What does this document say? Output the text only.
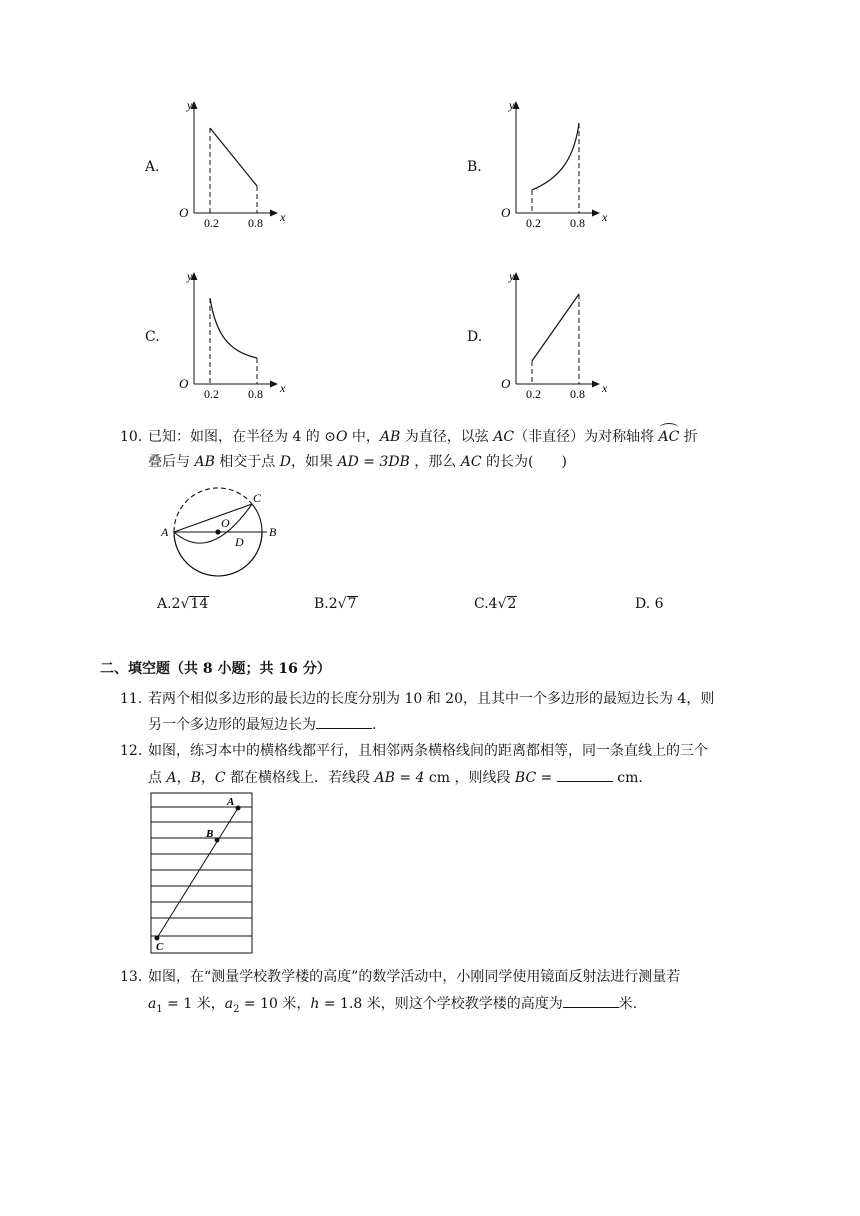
A.	B.
C.	D.
y
x
O
0.2 0.8
y
x
O
0.2 0.8
y
x
O
0.2 0.8
y
x
O
0.2 0.8
10. 已知：如图，在半径为 4 的 ⊙O 中，AB 为直径，以弦 AC（非直径）为对称轴将 AC 折
叠后与 AB 相交于点 D，如果 AD = 3DB ，那么 AC 的长为(　　)
A	B
C
O
D
A.2√14	B.2√7	C.4√2	D. 6
二、填空题（共 8 小题；共 16 分）
11. 若两个相似多边形的最长边的长度分别为 10 和 20，且其中一个多边形的最短边长为 4，则
另一个多边形的最短边长为	.
12. 如图，练习本中的横格线都平行，且相邻两条横格线间的距离都相等，同一条直线上的三个
点 A，B，C 都在横格线上．若线段 AB = 4 cm ，则线段 BC =	cm．
A
B
C
13. 如图，在“测量学校教学楼的高度”的数学活动中，小刚同学使用镜面反射法进行测量若
$a_1 = 1$ 米，$a_2 = 10$ 米，h = 1.8 米，则这个学校教学楼的高度为	米.
